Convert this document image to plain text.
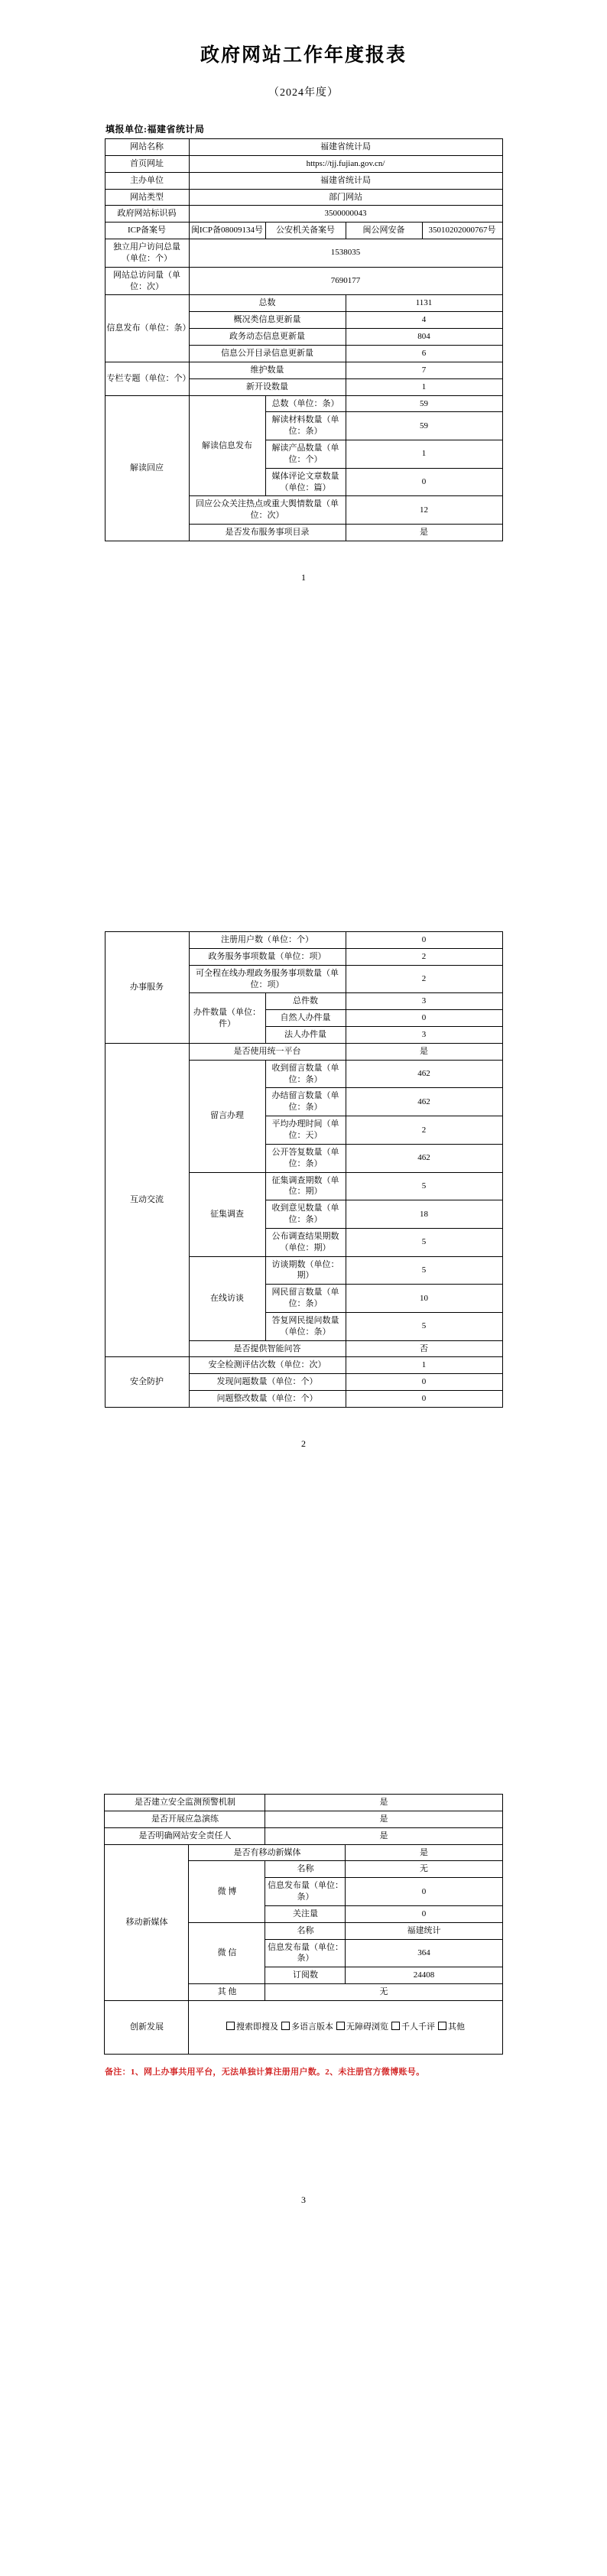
政府网站工作年度报表
（2024年度）
填报单位:福建省统计局
网站名称	福建省统计局			
首页网址	https://tjj.fujian.gov.cn/			
主办单位	福建省统计局			
网站类型	部门网站			
政府网站标识码	3500000043			
ICP备案号	闽ICP备08009134号	公安机关备案号	闽公网安备	35010202000767号
独立用户访问总量（单位：个）	1538035			
网站总访问量（单位：次）	7690177			
信息发布（单位：条）	总数		1131	
	概况类信息更新量		4	
	政务动态信息更新量		804	
	信息公开目录信息更新量		6	
专栏专题（单位：个）	维护数量		7	
	新开设数量		1	
解读回应	解读信息发布	总数（单位：条）	59	
		解读材料数量（单位：条）	59	
		解读产品数量（单位：个）	1	
		媒体评论文章数量（单位：篇）	0	
	回应公众关注热点或重大舆情数量（单位：次）		12	
	是否发布服务事项目录		是	
1
办事服务	注册用户数（单位：个）		0
	政务服务事项数量（单位：项）		2
	可全程在线办理政务服务事项数量（单位：项）		2
	办件数量（单位：件）	总件数	3
		自然人办件量	0
		法人办件量	3
互动交流	是否使用统一平台		是
	留言办理	收到留言数量（单位：条）	462
		办结留言数量（单位：条）	462
		平均办理时间（单位：天）	2
		公开答复数量（单位：条）	462
	征集调查	征集调查期数（单位：期）	5
		收到意见数量（单位：条）	18
		公布调查结果期数（单位：期）	5
	在线访谈	访谈期数（单位：期）	5
		网民留言数量（单位：条）	10
		答复网民提问数量（单位：条）	5
	是否提供智能问答		否
安全防护	安全检测评估次数（单位：次）		1
	发现问题数量（单位：个）		0
	问题整改数量（单位：个）		0
2
是否建立安全监测预警机制		是	
是否开展应急演练		是	
是否明确网站安全责任人		是	
移动新媒体	是否有移动新媒体		是
	微 博	名称	无
		信息发布量（单位：条）	0
		关注量	0
	微 信	名称	福建统计
		信息发布量（单位：条）	364
		订阅数	24408
	其 他	无	
创新发展	搜索即搜及 多语言版本 无障碍浏览 千人千评 其他		
备注：1、网上办事共用平台，无法单独计算注册用户数。2、未注册官方微博账号。
3
